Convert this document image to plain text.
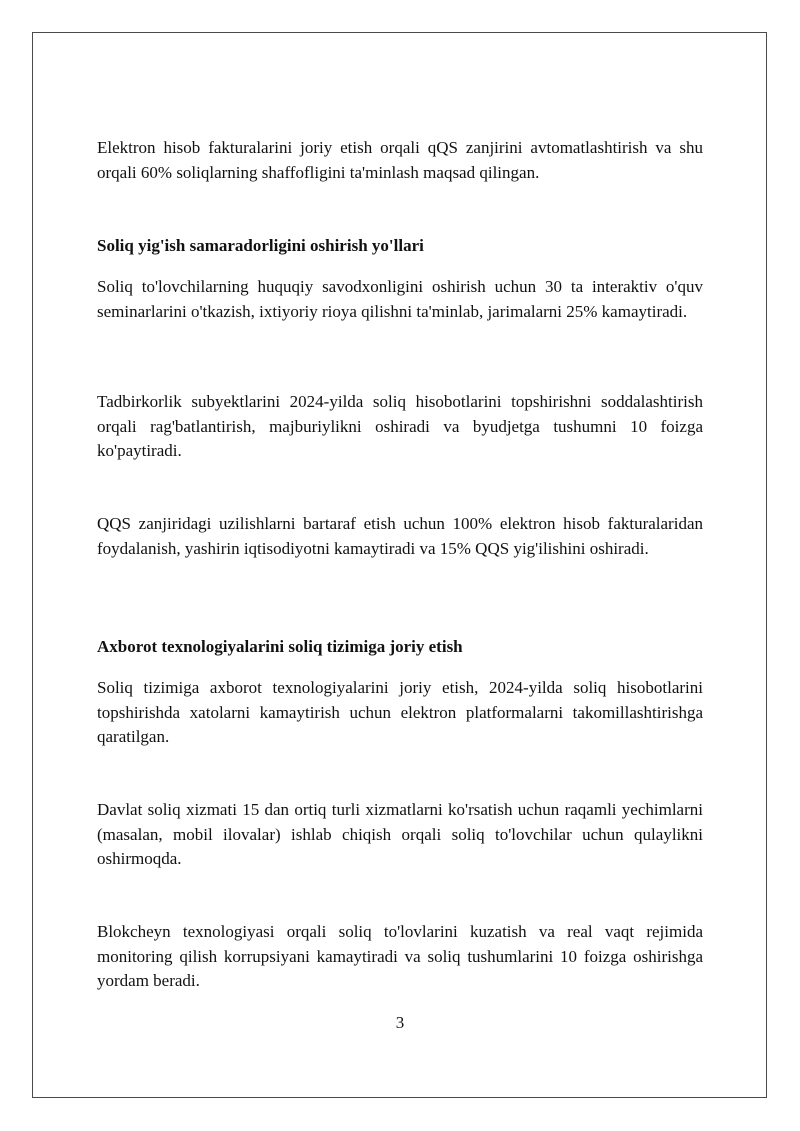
Elektron hisob fakturalarini joriy etish orqali qQS zanjirini avtomatlashtirish va shu orqali 60% soliqlarning shaffofligini ta'minlash maqsad qilingan.

Soliq yig'ish samaradorligini oshirish yo'llari

Soliq to'lovchilarning huquqiy savodxonligini oshirish uchun 30 ta interaktiv o'quv seminarlarini o'tkazish, ixtiyoriy rioya qilishni ta'minlab, jarimalarni 25% kamaytiradi.

Tadbirkorlik subyektlarini 2024-yilda soliq hisobotlarini topshirishni soddalashtirish orqali rag'batlantirish, majburiylikni oshiradi va byudjetga tushumni 10 foizga ko'paytiradi.

QQS zanjiridagi uzilishlarni bartaraf etish uchun 100% elektron hisob fakturalaridan foydalanish, yashirin iqtisodiyotni kamaytiradi va 15% QQS yig'ilishini oshiradi.

Axborot texnologiyalarini soliq tizimiga joriy etish

Soliq tizimiga axborot texnologiyalarini joriy etish, 2024-yilda soliq hisobotlarini topshirishda xatolarni kamaytirish uchun elektron platformalarni takomillashtirishga qaratilgan.

Davlat soliq xizmati 15 dan ortiq turli xizmatlarni ko'rsatish uchun raqamli yechimlarni (masalan, mobil ilovalar) ishlab chiqish orqali soliq to'lovchilar uchun qulaylikni oshirmoqda.

Blokcheyn texnologiyasi orqali soliq to'lovlarini kuzatish va real vaqt rejimida monitoring qilish korrupsiyani kamaytiradi va soliq tushumlarini 10 foizga oshirishga yordam beradi.

3
